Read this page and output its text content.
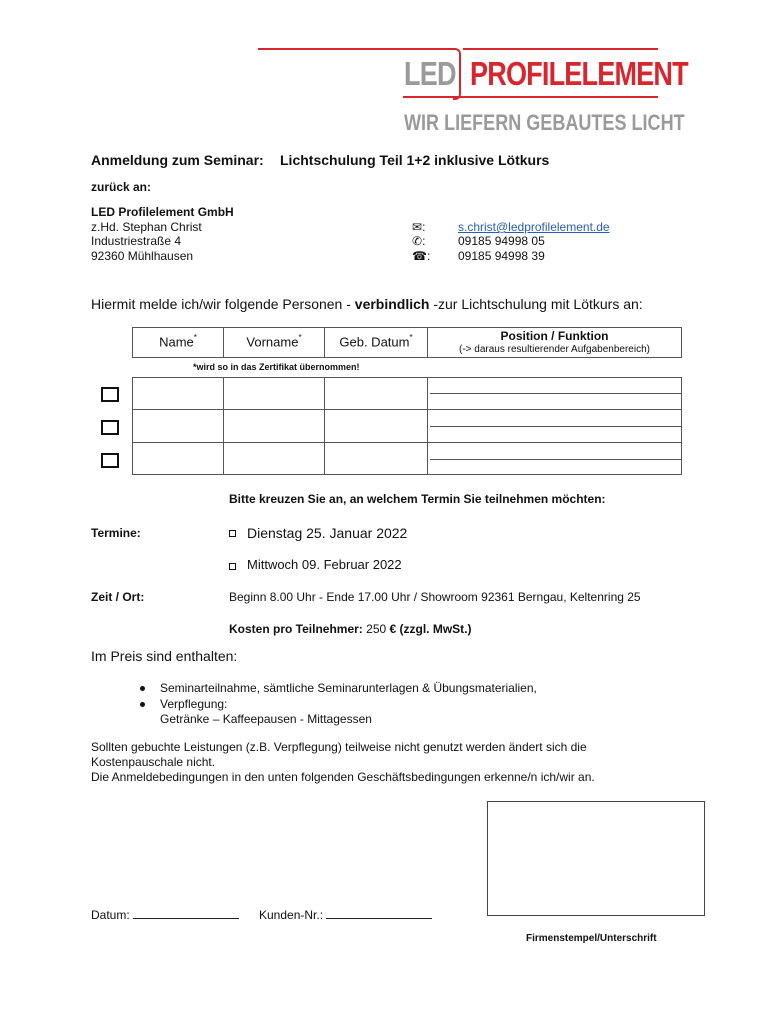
LED PROFILELEMENT
WIR LIEFERN GEBAUTES LICHT
Anmeldung zum Seminar: Lichtschulung Teil 1+2 inklusive Lötkurs
zurück an:
LED Profilelement GmbH
z.Hd. Stephan Christ
Industriestraße 4
92360 Mühlhausen
✉:	s.christ@ledprofilelement.de
✆:	09185 94998 05
☎: 09185 94998 39
Hiermit melde ich/wir folgende Personen - verbindlich -zur Lichtschulung mit Lötkurs an:
Name*	Vorname*	Geb. Datum*	Position / Funktion
(-> daraus resultierender Aufgabenbereich)
*wird so in das Zertifikat übernommen!

Bitte kreuzen Sie an, an welchem Termin Sie teilnehmen möchten:
Termine:	Dienstag 25. Januar 2022
Mittwoch 09. Februar 2022
Zeit / Ort:	Beginn 8.00 Uhr - Ende 17.00 Uhr / Showroom 92361 Berngau, Keltenring 25
Kosten pro Teilnehmer: 250 € (zzgl. MwSt.)
Im Preis sind enthalten:
Seminarteilnahme, sämtliche Seminarunterlagen & Übungsmaterialien,
Verpflegung:
Getränke – Kaffeepausen - Mittagessen
Sollten gebuchte Leistungen (z.B. Verpflegung) teilweise nicht genutzt werden ändert sich die
Kostenpauschale nicht.
Die Anmeldebedingungen in den unten folgenden Geschäftsbedingungen erkenne/n ich/wir an.
Datum:	Kunden-Nr.:
Firmenstempel/Unterschrift
